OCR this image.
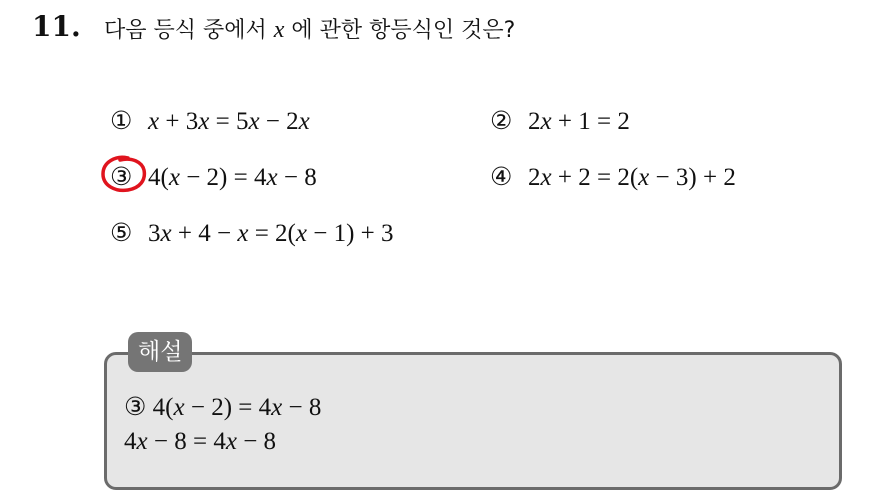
11. 다음 등식 중에서 x 에 관한 항등식인 것은?
① x + 3x = 5x − 2x	② 2x + 1 = 2
③ 4(x − 2) = 4x − 8	④ 2x + 2 = 2(x − 3) + 2
⑤ 3x + 4 − x = 2(x − 1) + 3
해설
③ 4(x − 2) = 4x − 8
4x − 8 = 4x − 8
